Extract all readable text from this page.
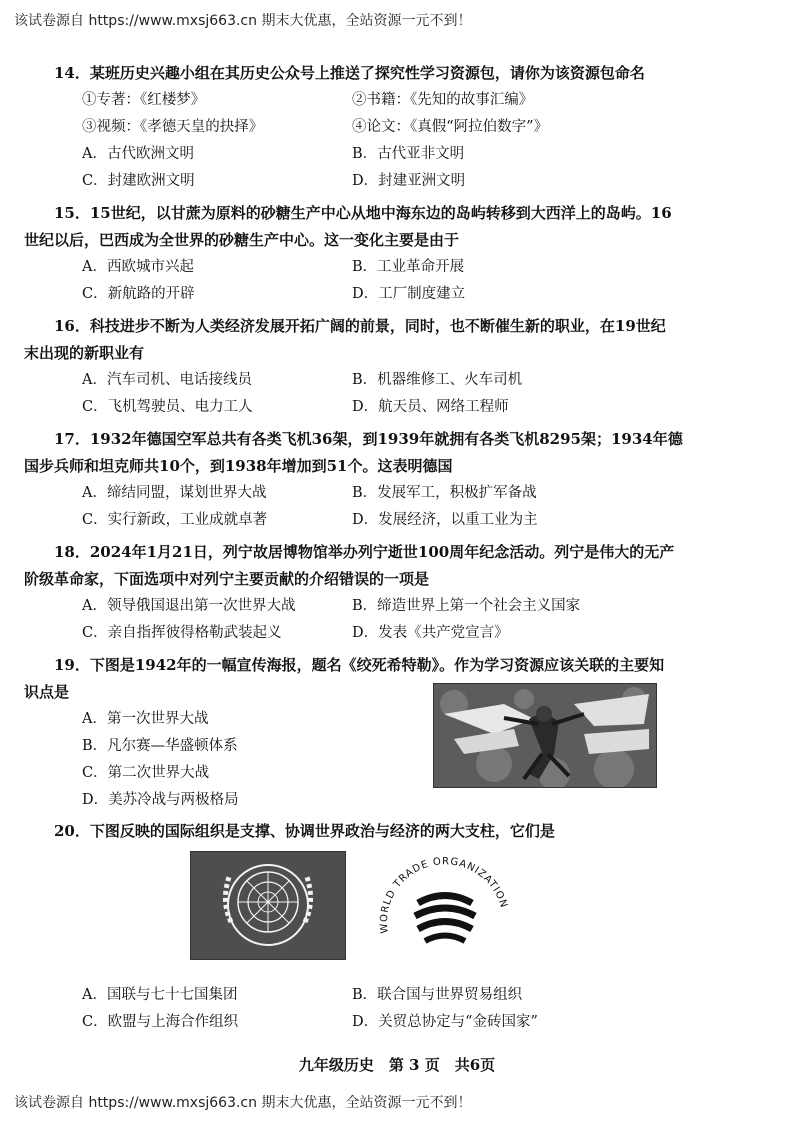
该试卷源自 https://www.mxsj663.cn 期末大优惠，全站资源一元不到！
14．某班历史兴趣小组在其历史公众号上推送了探究性学习资源包，请你为该资源包命名
①专著：《红楼梦》	②书籍：《先知的故事汇编》
③视频：《孝德天皇的抉择》	④论文：《真假“阿拉伯数字”》
A．古代欧洲文明	B．古代亚非文明
C．封建欧洲文明	D．封建亚洲文明
15．15世纪，以甘蔗为原料的砂糖生产中心从地中海东边的岛屿转移到大西洋上的岛屿。16
世纪以后，巴西成为全世界的砂糖生产中心。这一变化主要是由于
A．西欧城市兴起	B．工业革命开展
C．新航路的开辟	D．工厂制度建立
16．科技进步不断为人类经济发展开拓广阔的前景，同时，也不断催生新的职业，在19世纪
末出现的新职业有
A．汽车司机、电话接线员	B．机器维修工、火车司机
C．飞机驾驶员、电力工人	D．航天员、网络工程师
17．1932年德国空军总共有各类飞机36架，到1939年就拥有各类飞机8295架；1934年德
国步兵师和坦克师共10个，到1938年增加到51个。这表明德国
A．缔结同盟，谋划世界大战	B．发展军工，积极扩军备战
C．实行新政，工业成就卓著	D．发展经济，以重工业为主
18．2024年1月21日，列宁故居博物馆举办列宁逝世100周年纪念活动。列宁是伟大的无产
阶级革命家，下面选项中对列宁主要贡献的介绍错误的一项是
A．领导俄国退出第一次世界大战	B．缔造世界上第一个社会主义国家
C．亲自指挥彼得格勒武装起义	D．发表《共产党宣言》
19．下图是1942年的一幅宣传海报，题名《绞死希特勒》。作为学习资源应该关联的主要知
识点是
A．第一次世界大战
B．凡尔赛—华盛顿体系
C．第二次世界大战
D．美苏冷战与两极格局
20．下图反映的国际组织是支撑、协调世界政治与经济的两大支柱，它们是
WORLD TRADE ORGANIZATION
A．国联与七十七国集团	B．联合国与世界贸易组织
C．欧盟与上海合作组织	D．关贸总协定与“金砖国家”
九年级历史　第 3 页　共6页
该试卷源自 https://www.mxsj663.cn 期末大优惠，全站资源一元不到！
